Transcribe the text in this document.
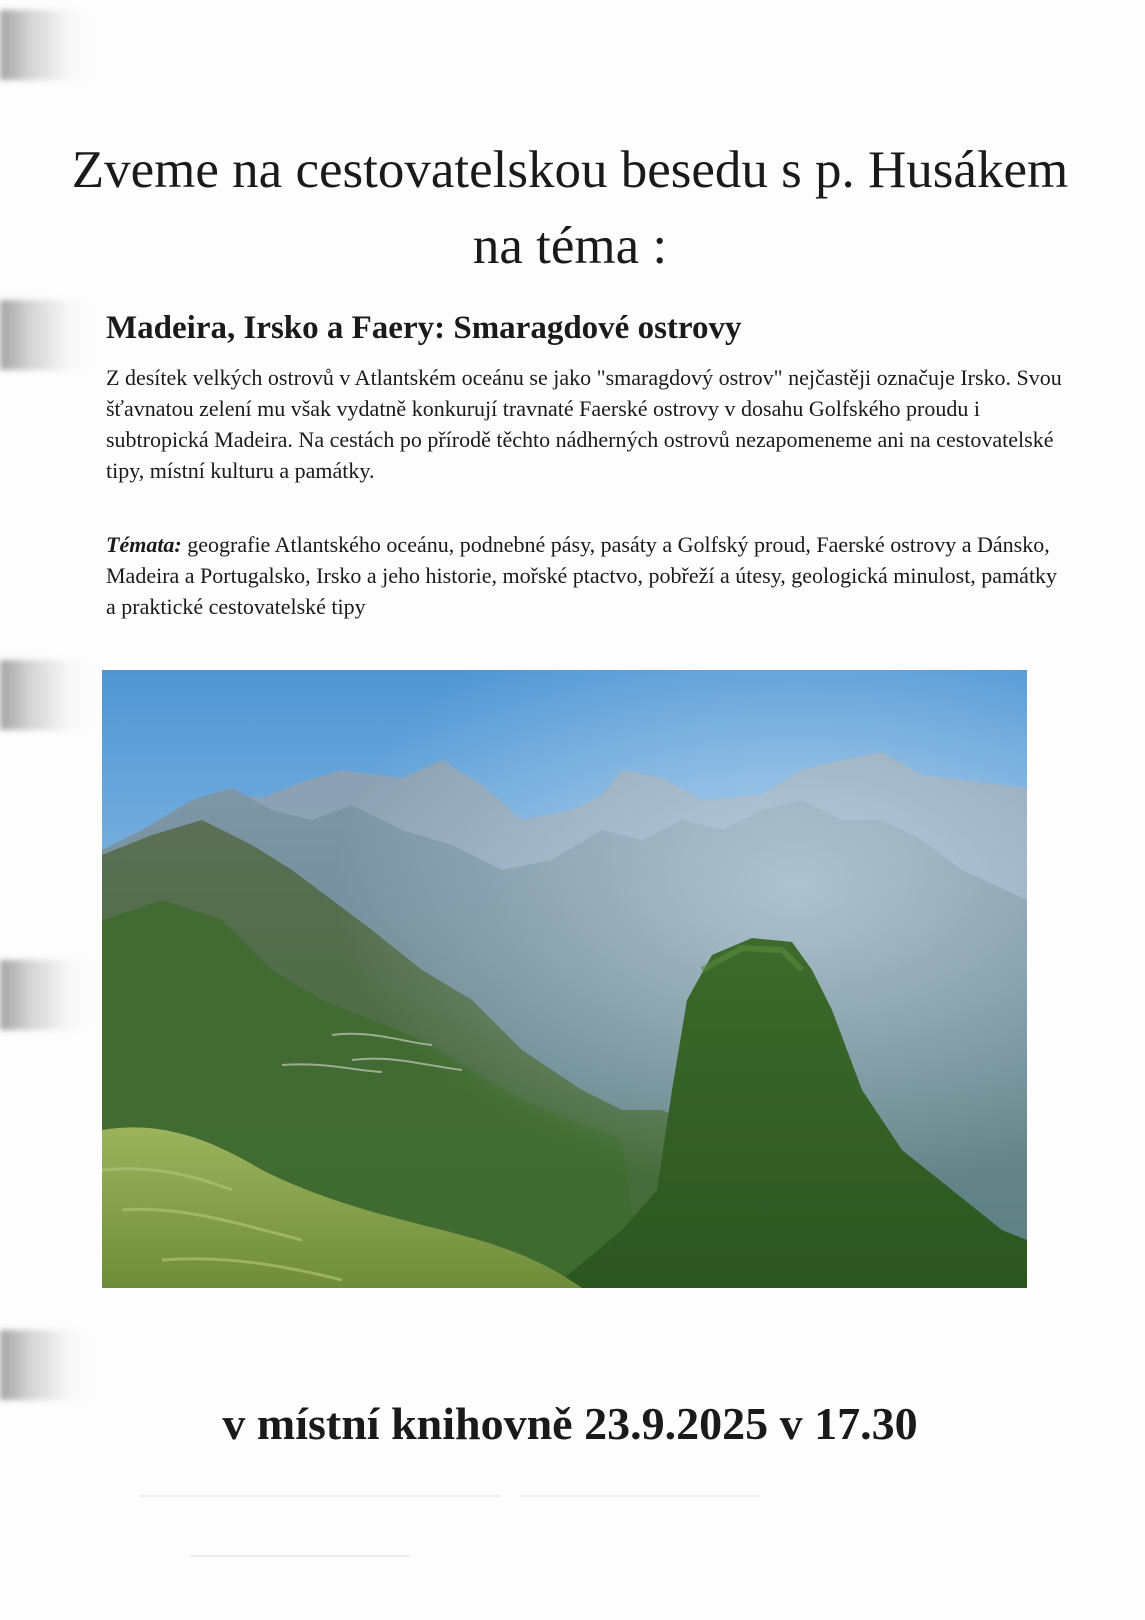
Zveme na cestovatelskou besedu s p. Husákem na téma :
Madeira, Irsko a Faery: Smaragdové ostrovy

Z desítek velkých ostrovů v Atlantském oceánu se jako "smaragdový ostrov" nejčastěji označuje Irsko. Svou šťavnatou zelení mu však vydatně konkurují travnaté Faerské ostrovy v dosahu Golfského proudu i subtropická Madeira. Na cestách po přírodě těchto nádherných ostrovů nezapomeneme ani na cestovatelské tipy, místní kulturu a památky.

Témata: geografie Atlantského oceánu, podnebné pásy, pasáty a Golfský proud, Faerské ostrovy a Dánsko, Madeira a Portugalsko, Irsko a jeho historie, mořské ptactvo, pobřeží a útesy, geologická minulost, památky a praktické cestovatelské tipy

v místní knihovně 23.9.2025 v 17.30
